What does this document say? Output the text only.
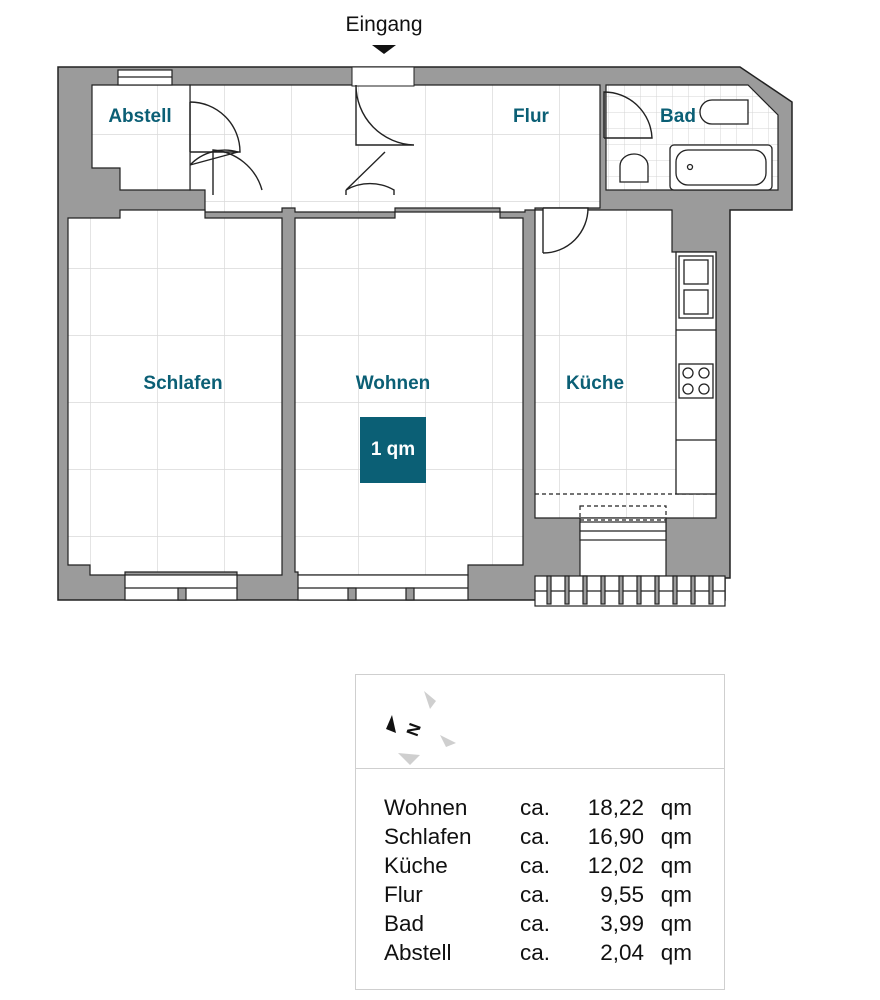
Eingang
Abstell	Flur	Bad
Schlafen	Wohnen	Küche
1 qm
N
Wohnen	ca.	18,22 qm
Schlafen	ca.	16,90 qm
Küche	ca.	12,02 qm
Flur	ca.	9,55 qm
Bad	ca.	3,99 qm
Abstell	ca.	2,04 qm
